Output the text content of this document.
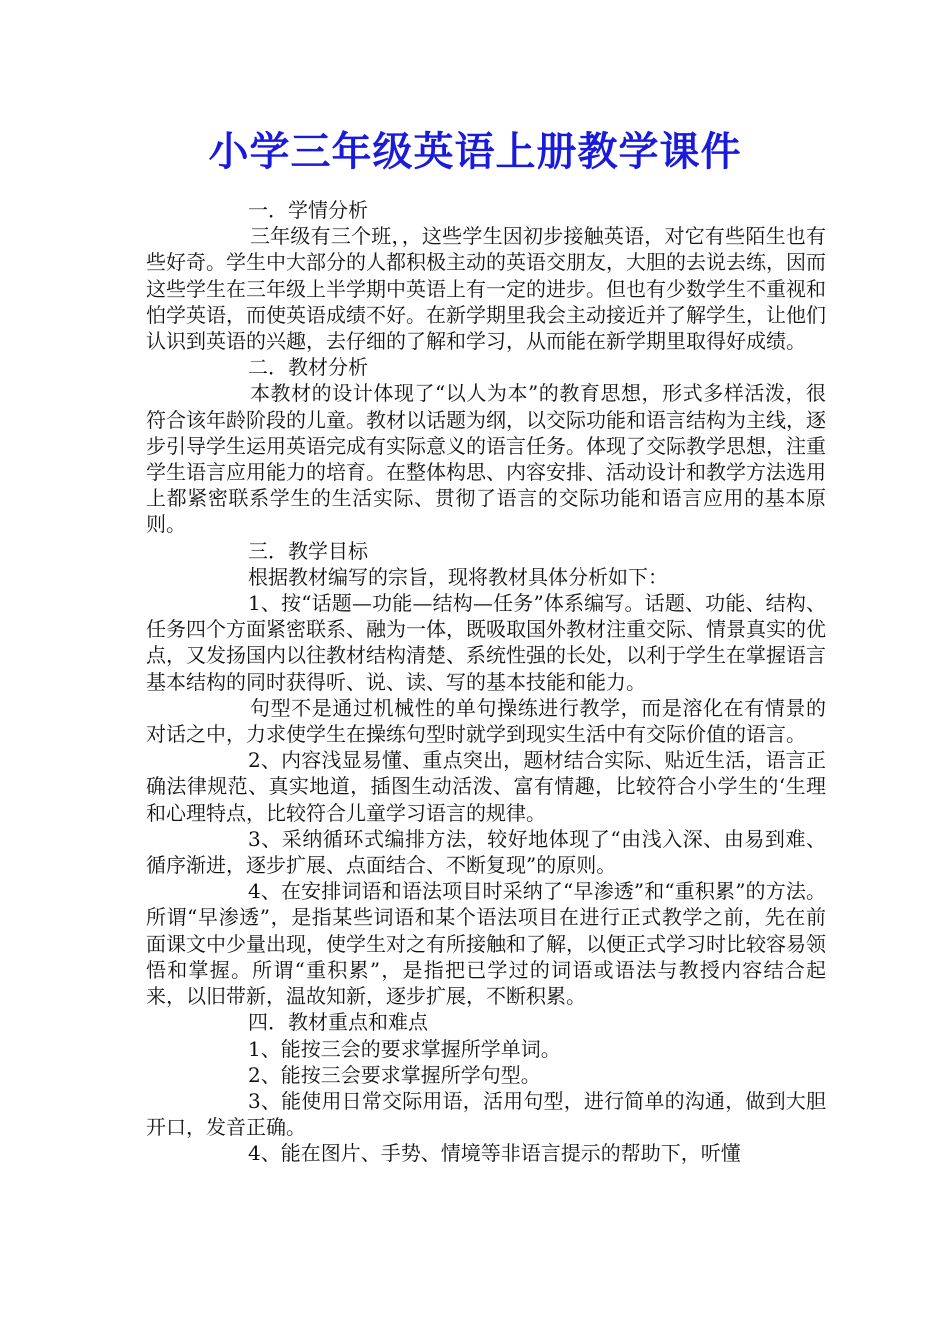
小学三年级英语上册教学课件
一．学情分析

三年级有三个班，，这些学生因初步接触英语，对它有些陌生也有些好奇。学生中大部分的人都积极主动的英语交朋友，大胆的去说去练，因而这些学生在三年级上半学期中英语上有一定的进步。但也有少数学生不重视和怕学英语，而使英语成绩不好。在新学期里我会主动接近并了解学生，让他们认识到英语的兴趣，去仔细的了解和学习，从而能在新学期里取得好成绩。

二．教材分析

本教材的设计体现了“以人为本”的教育思想，形式多样活泼，很符合该年龄阶段的儿童。教材以话题为纲，以交际功能和语言结构为主线，逐步引导学生运用英语完成有实际意义的语言任务。体现了交际教学思想，注重学生语言应用能力的培育。在整体构思、内容安排、活动设计和教学方法选用上都紧密联系学生的生活实际、贯彻了语言的交际功能和语言应用的基本原则。

三．教学目标

根据教材编写的宗旨，现将教材具体分析如下：

1、按“话题—功能—结构—任务”体系编写。话题、功能、结构、任务四个方面紧密联系、融为一体，既吸取国外教材注重交际、情景真实的优点，又发扬国内以往教材结构清楚、系统性强的长处，以利于学生在掌握语言基本结构的同时获得听、说、读、写的基本技能和能力。

句型不是通过机械性的单句操练进行教学，而是溶化在有情景的对话之中，力求使学生在操练句型时就学到现实生活中有交际价值的语言。

2、内容浅显易懂、重点突出，题材结合实际、贴近生活，语言正确法律规范、真实地道，插图生动活泼、富有情趣，比较符合小学生的‘生理和心理特点，比较符合儿童学习语言的规律。

3、采纳循环式编排方法，较好地体现了“由浅入深、由易到难、循序渐进，逐步扩展、点面结合、不断复现”的原则。

4、在安排词语和语法项目时采纳了“早渗透”和“重积累”的方法。所谓“早渗透”，是指某些词语和某个语法项目在进行正式教学之前，先在前面课文中少量出现，使学生对之有所接触和了解，以便正式学习时比较容易领悟和掌握。所谓“重积累”，是指把已学过的词语或语法与教授内容结合起来，以旧带新，温故知新，逐步扩展，不断积累。

四．教材重点和难点

1、能按三会的要求掌握所学单词。

2、能按三会要求掌握所学句型。

3、能使用日常交际用语，活用句型，进行简单的沟通，做到大胆开口，发音正确。

4、能在图片、手势、情境等非语言提示的帮助下，听懂
